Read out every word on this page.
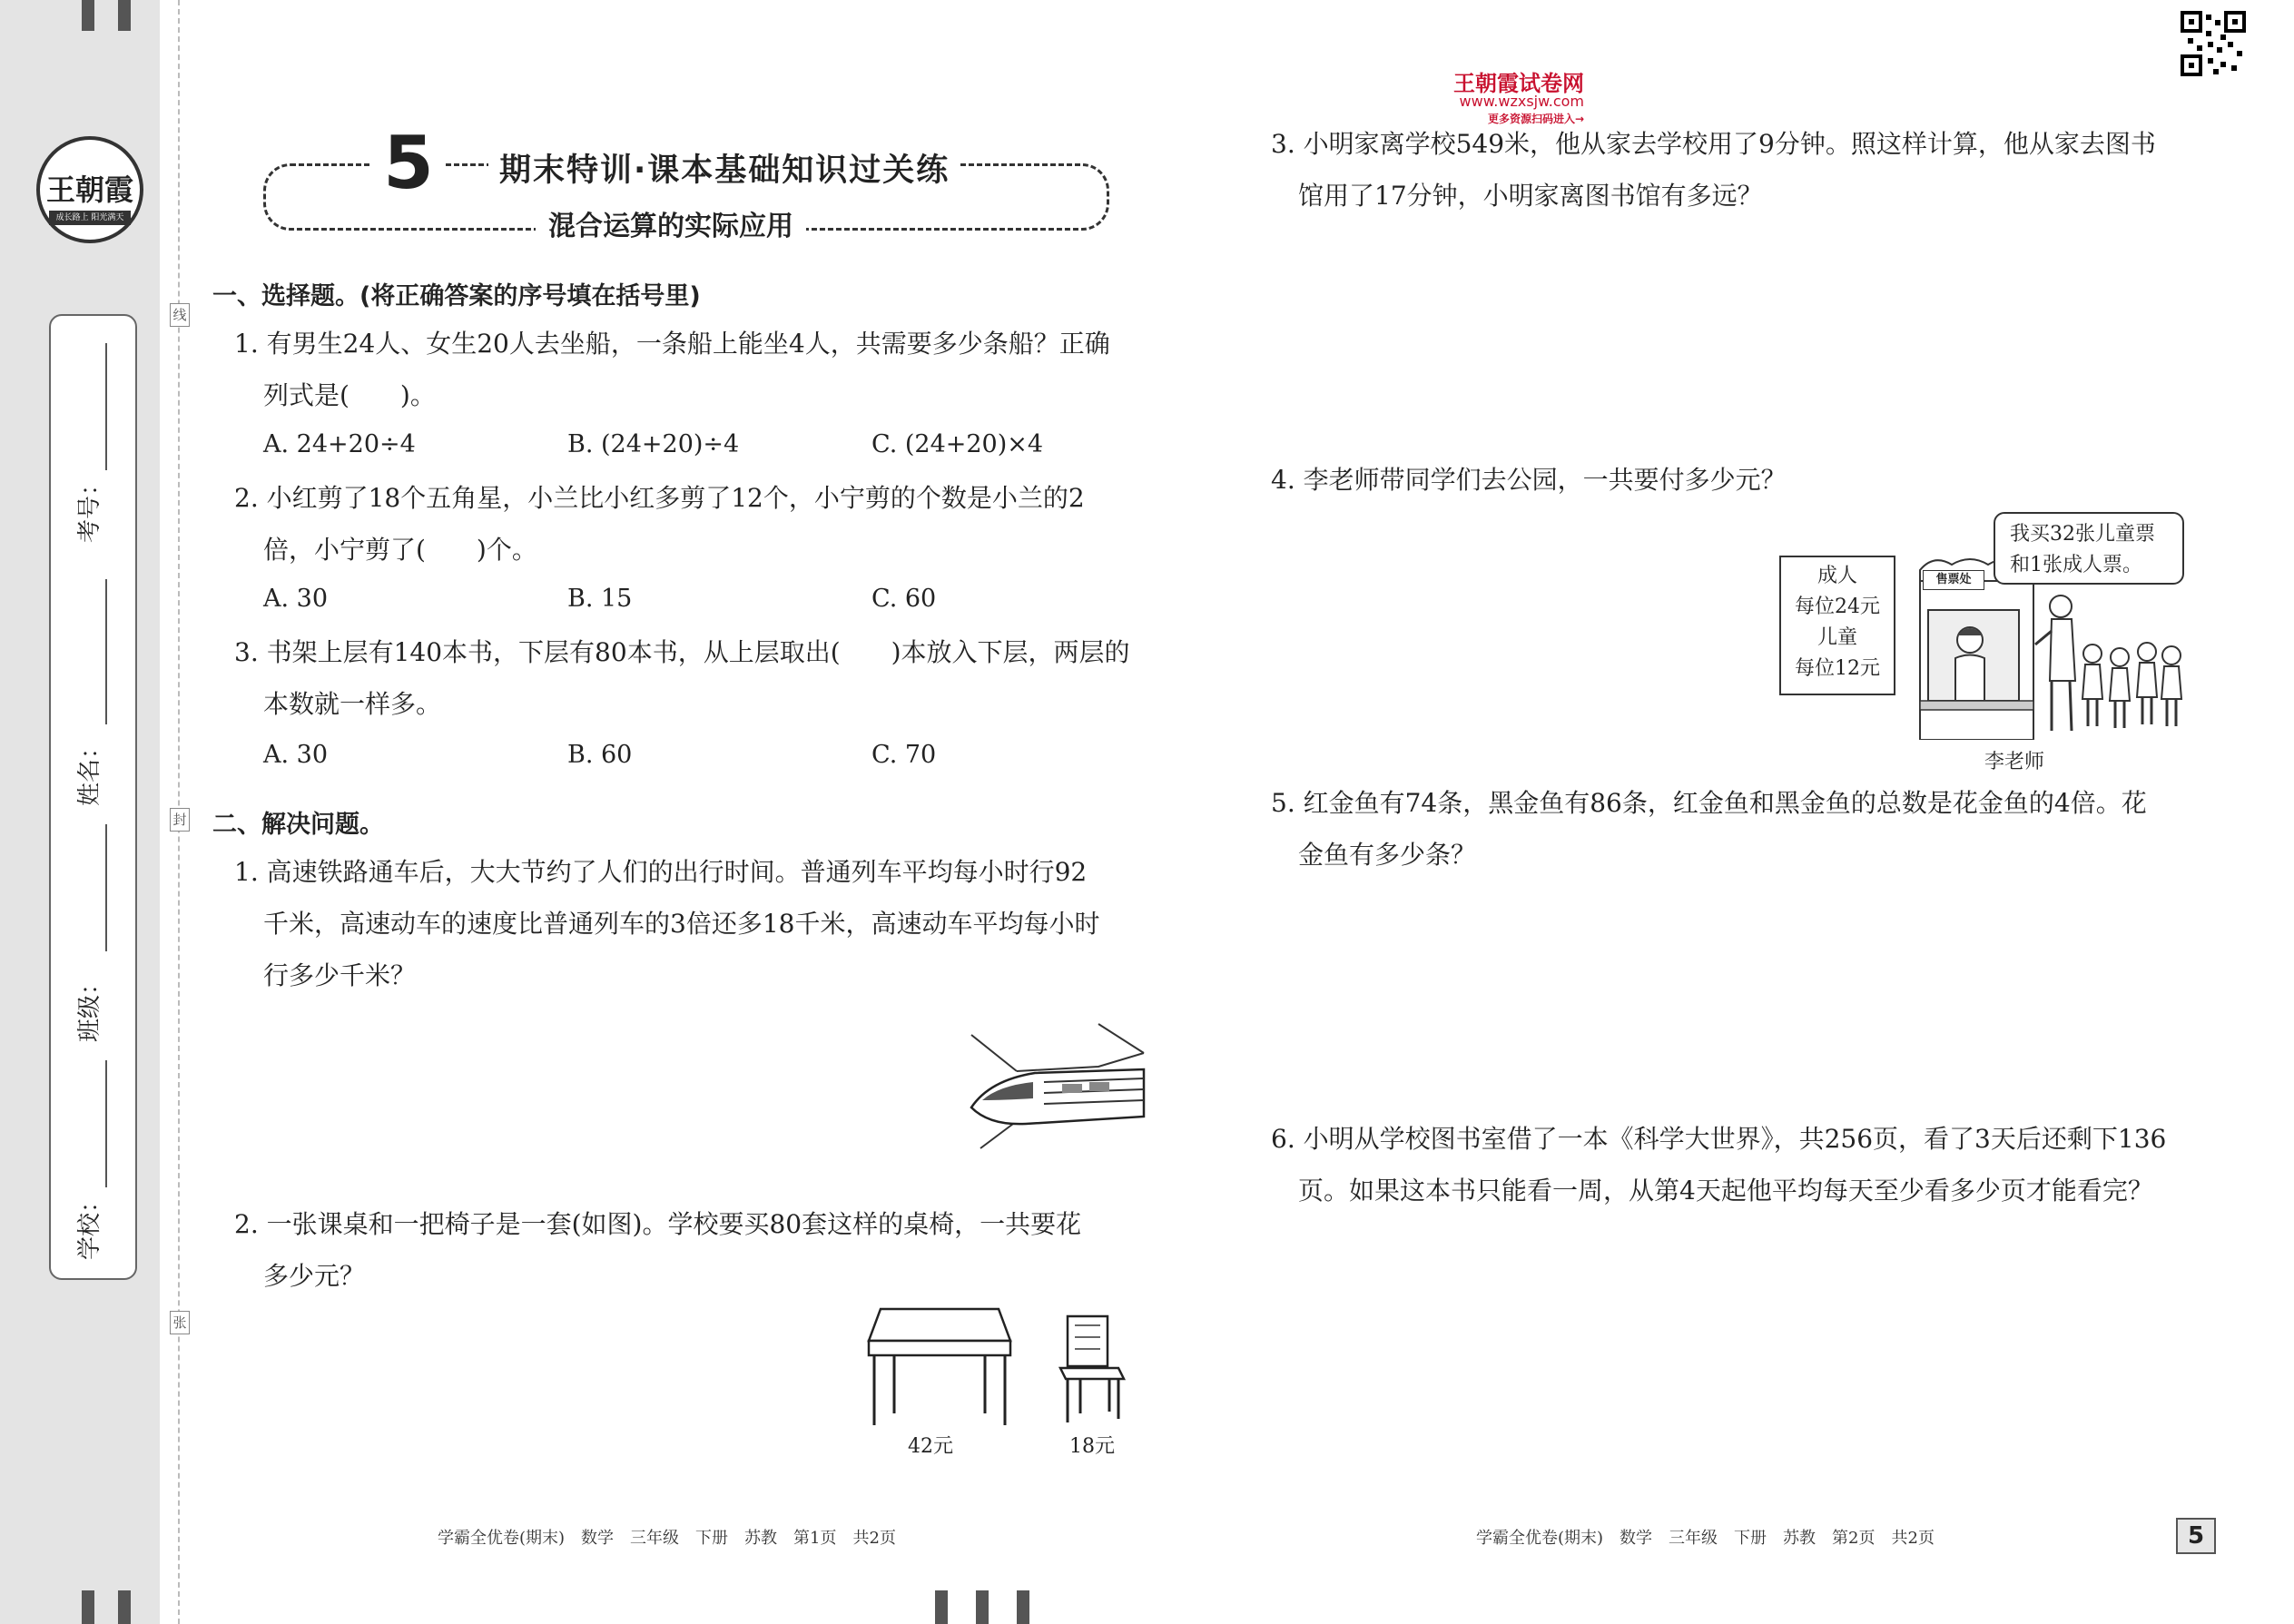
王朝霞
成长路上 阳光满天
考号：
姓名：
班级：
学校：
线
封
张
5	期末特训·课本基础知识过关练
混合运算的实际应用
一、选择题。(将正确答案的序号填在括号里)
1. 有男生24人、女生20人去坐船，一条船上能坐4人，共需要多少条船？正确
列式是(　　)。
A. 24+20÷4	B. (24+20)÷4	C. (24+20)×4
2. 小红剪了18个五角星，小兰比小红多剪了12个，小宁剪的个数是小兰的2
倍，小宁剪了(　　)个。
A. 30	B. 15	C. 60
3. 书架上层有140本书，下层有80本书，从上层取出(　　)本放入下层，两层的
本数就一样多。
A. 30	B. 60	C. 70
二、解决问题。
1. 高速铁路通车后，大大节约了人们的出行时间。普通列车平均每小时行92
千米，高速动车的速度比普通列车的3倍还多18千米，高速动车平均每小时
行多少千米？
2. 一张课桌和一把椅子是一套(如图)。学校要买80套这样的桌椅，一共要花
多少元？
42元	18元
学霸全优卷(期末)　数学　三年级　下册　苏教　第1页　共2页
王朝霞试卷网
www.wzxsjw.com
更多资源扫码进入→
3. 小明家离学校549米，他从家去学校用了9分钟。照这样计算，他从家去图书
馆用了17分钟，小明家离图书馆有多远？
4. 李老师带同学们去公园，一共要付多少元？
成人
每位24元
儿童
每位12元
售票处
我买32张儿童票
和1张成人票。
李老师
5. 红金鱼有74条，黑金鱼有86条，红金鱼和黑金鱼的总数是花金鱼的4倍。花
金鱼有多少条？
6. 小明从学校图书室借了一本《科学大世界》，共256页，看了3天后还剩下136
页。如果这本书只能看一周，从第4天起他平均每天至少看多少页才能看完？
学霸全优卷(期末)　数学　三年级　下册　苏教　第2页　共2页	5
